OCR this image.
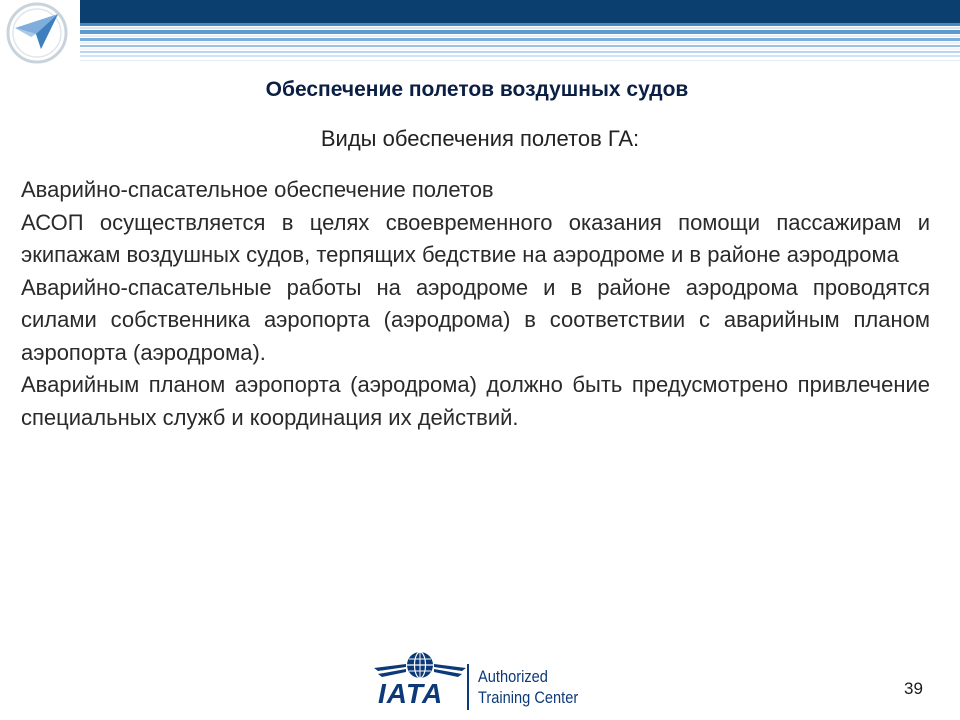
Обеспечение полетов воздушных судов
Виды обеспечения полетов ГА:

Аварийно-спасательное обеспечение полетов

АСОП осуществляется в целях своевременного оказания помощи пассажирам и экипажам воздушных судов, терпящих бедствие на аэродроме и в районе аэродрома

Аварийно-спасательные работы на аэродроме и в районе аэродрома проводятся силами собственника аэропорта (аэродрома) в соответствии с аварийным планом аэропорта (аэродрома).

Аварийным планом аэропорта (аэродрома) должно быть предусмотрено привлечение специальных служб и координация их действий.

IATA
Authorized
Training Center	39
